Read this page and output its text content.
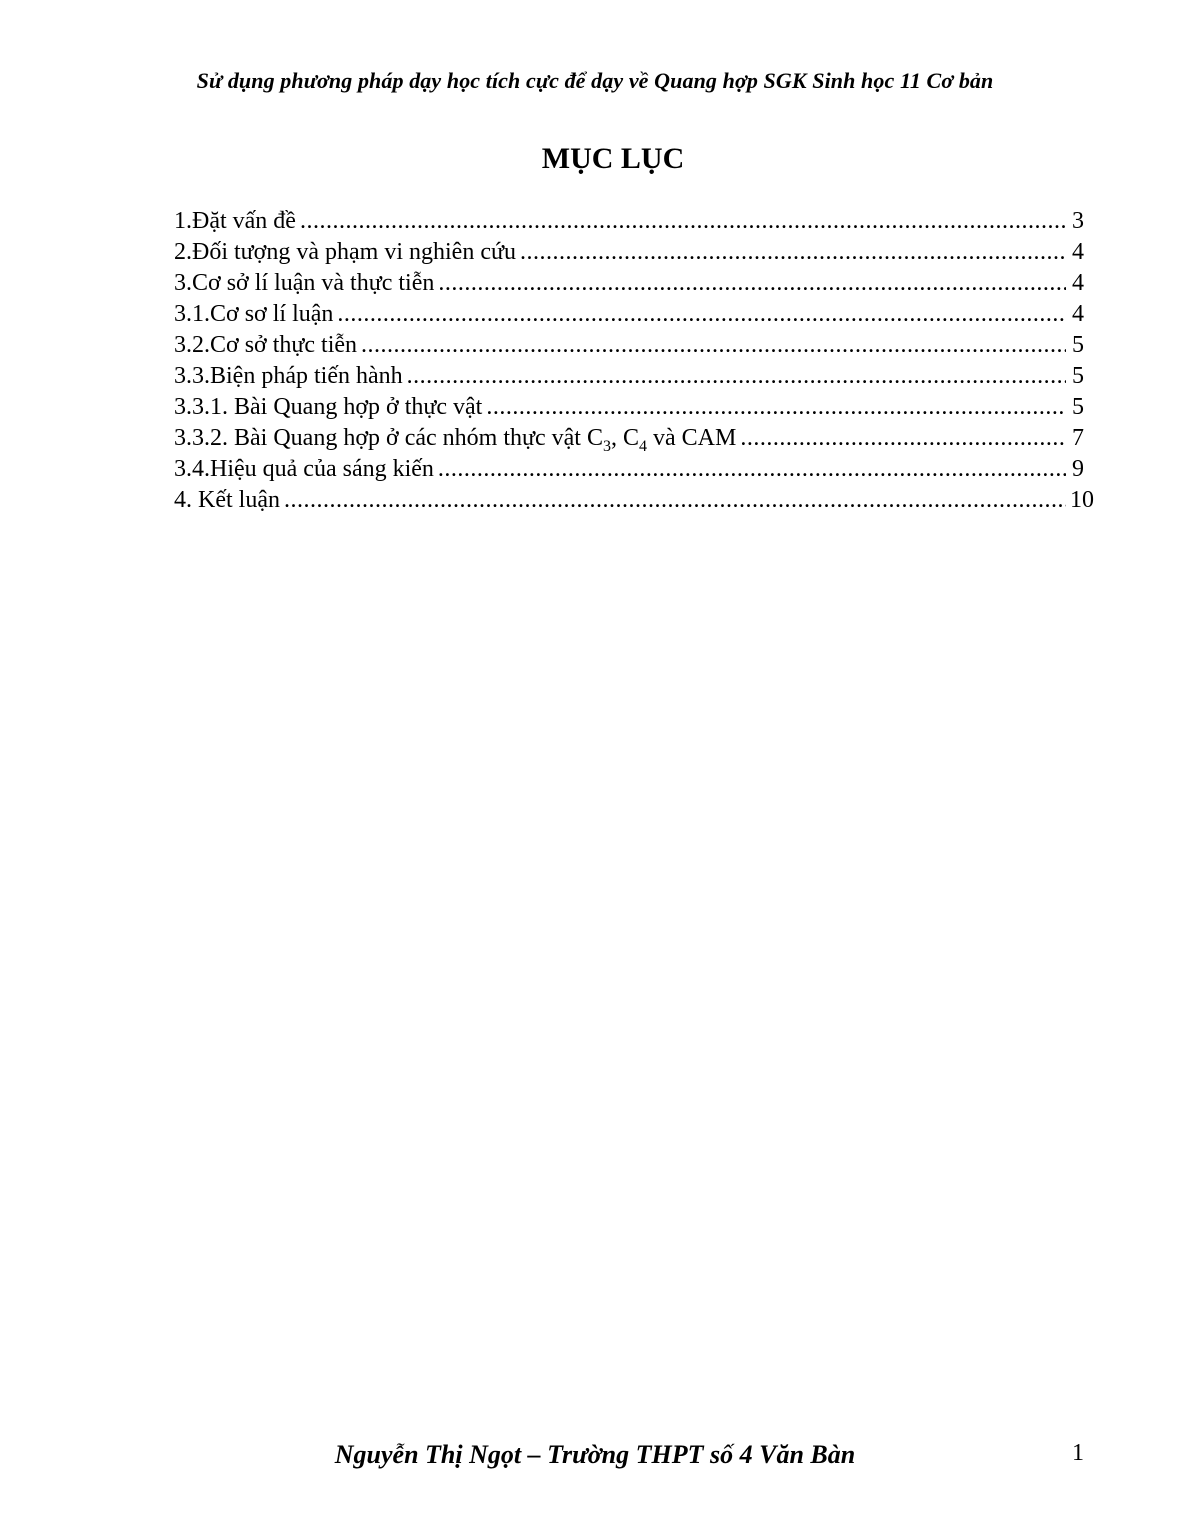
Sử dụng phương pháp dạy học tích cực để dạy về Quang hợp SGK Sinh học 11 Cơ bản
MỤC LỤC
1. Đặt vấn đề .....	3
2. Đối tượng và phạm vi nghiên cứu .....	4
3. Cơ sở lí luận và thực tiễn .....	4
3.1. Cơ sơ lí luận .....	4
3.2. Cơ sở thực tiễn .....	5
3.3. Biện pháp tiến hành .....	5
3.3.1. Bài Quang hợp ở thực vật .....	5
3.3.2. Bài Quang hợp ở các nhóm thực vật $C_3$, $C_4$ và CAM .....	7
3.4. Hiệu quả của sáng kiến .....	9
4. Kết luận .....	10
Nguyễn Thị Ngọt – Trường THPT số 4 Văn Bàn	1
